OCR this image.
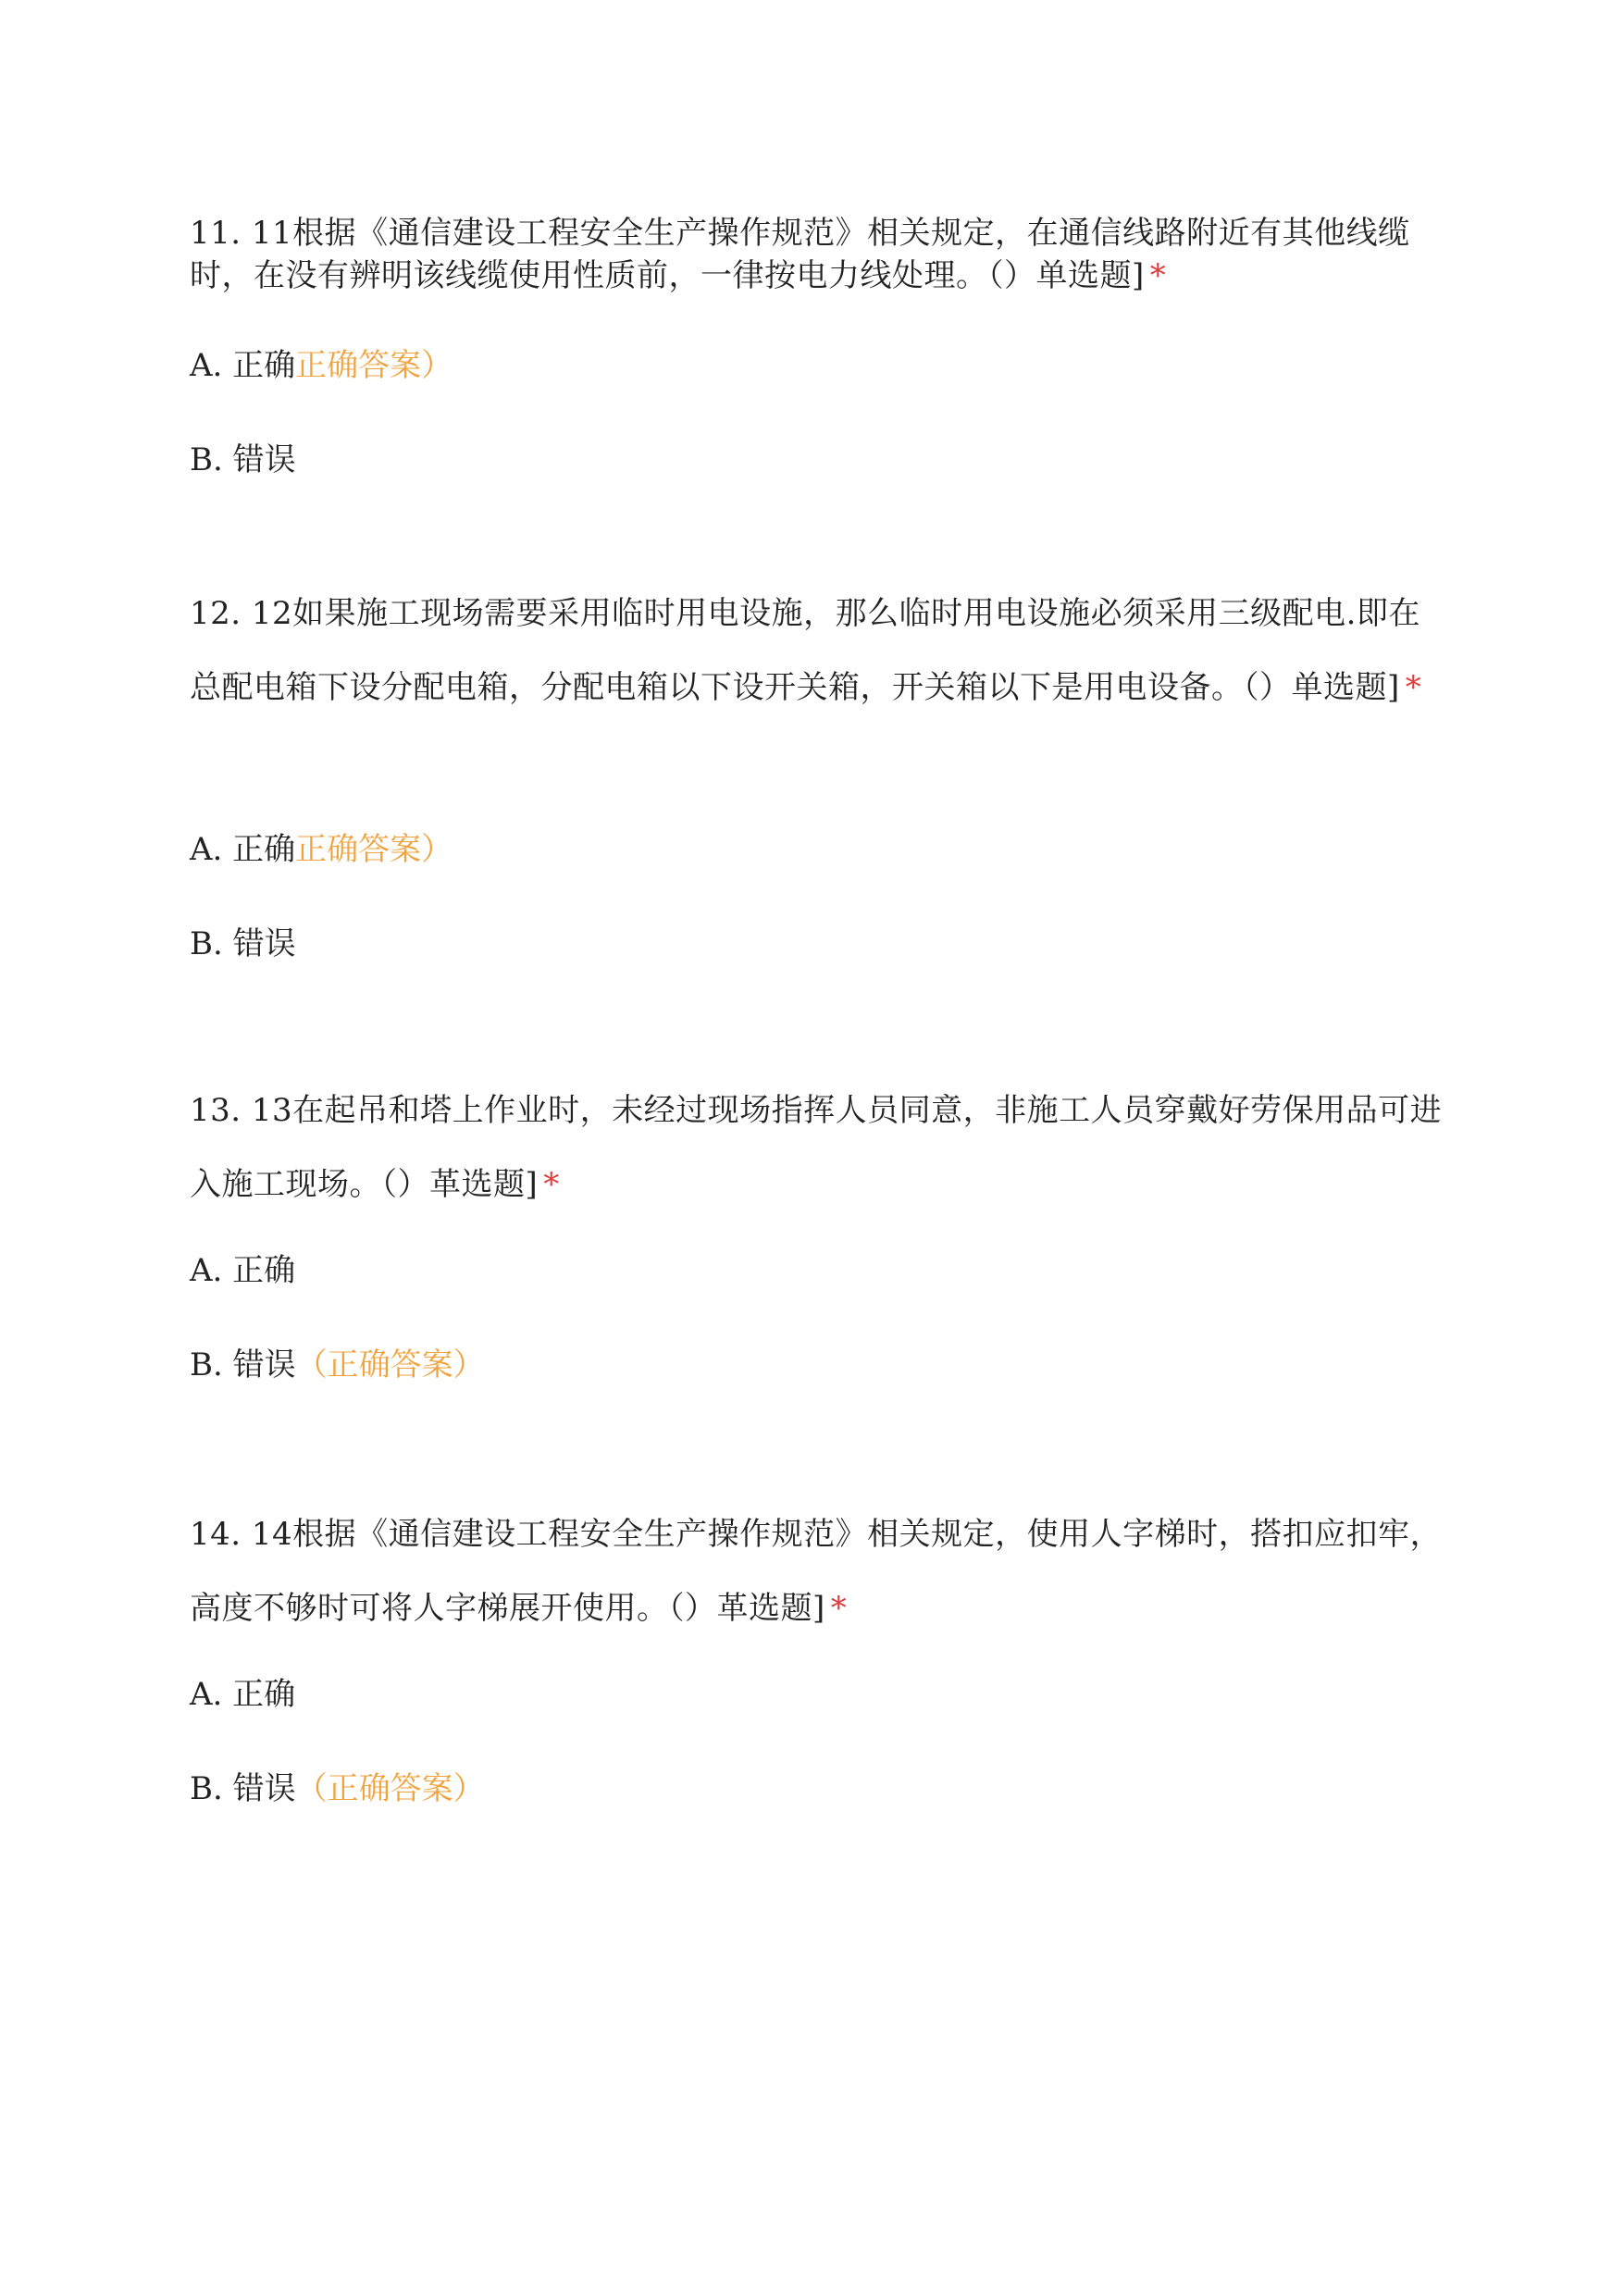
11. 11根据《通信建设工程安全生产操作规范》相关规定，在通信线路附近有其他线缆时，在没有辨明该线缆使用性质前，一律按电力线处理。（）单选题] *

A. 正确正确答案）

B. 错误

12. 12如果施工现场需要采用临时用电设施，那么临时用电设施必须采用三级配电.即在总配电箱下设分配电箱，分配电箱以下设开关箱，开关箱以下是用电设备。（）单选题] *

A. 正确正确答案）

B. 错误

13. 13在起吊和塔上作业时，未经过现场指挥人员同意，非施工人员穿戴好劳保用品可进入施工现场。（）革选题] *

A. 正确

B. 错误（正确答案）

14. 14根据《通信建设工程安全生产操作规范》相关规定，使用人字梯时，搭扣应扣牢，高度不够时可将人字梯展开使用。（）革选题] *

A. 正确

B. 错误（正确答案）
